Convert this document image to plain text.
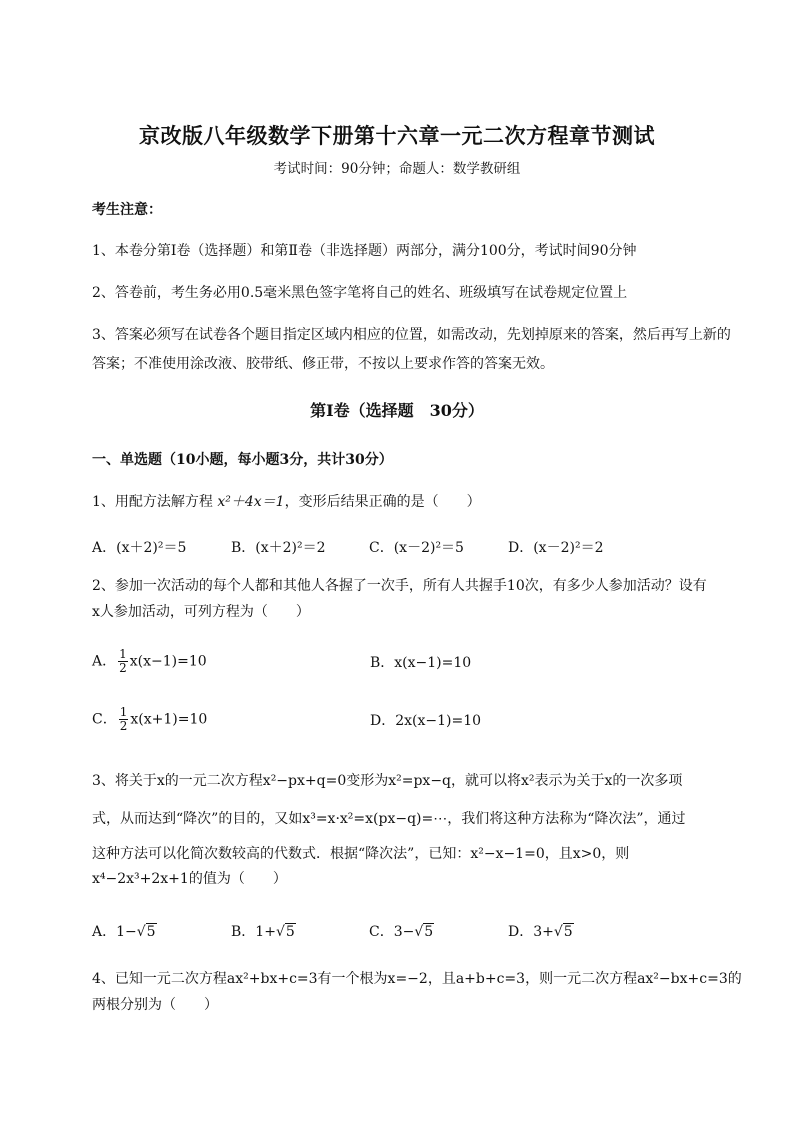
京改版八年级数学下册第十六章一元二次方程章节测试
考试时间：90分钟；命题人：数学教研组
考生注意：
1、本卷分第I卷（选择题）和第Ⅱ卷（非选择题）两部分，满分100分，考试时间90分钟
2、答卷前，考生务必用0.5毫米黑色签字笔将自己的姓名、班级填写在试卷规定位置上
3、答案必须写在试卷各个题目指定区域内相应的位置，如需改动，先划掉原来的答案，然后再写上新的答案；不准使用涂改液、胶带纸、修正带，不按以上要求作答的答案无效。
第I卷（选择题　30分）
一、单选题（10小题，每小题3分，共计30分）
1、用配方法解方程 x²＋4x＝1，变形后结果正确的是（　　）
A．(x＋2)²＝5	B．(x＋2)²＝2	C．(x－2)²＝5	D．(x－2)²＝2
2、参加一次活动的每个人都和其他人各握了一次手，所有人共握手10次，有多少人参加活动？设有
x人参加活动，可列方程为（　　）
A． $\frac{1}{2} x(x-1)=10$	B．x(x−1)=10
C． $\frac{1}{2} x(x+1)=10$	D．2x(x−1)=10
3、将关于x的一元二次方程x²−px+q=0变形为x²=px−q，就可以将x²表示为关于x的一次多项
式，从而达到“降次”的目的，又如x³=x·x²=x(px−q)=⋯，我们将这种方法称为“降次法”，通过
这种方法可以化简次数较高的代数式．根据“降次法”，已知：x²−x−1=0，且x>0，则
x⁴−2x³+2x+1的值为（　　）
A．1−√5	B．1+√5	C．3−√5	D．3+√5
4、已知一元二次方程ax²+bx+c=3有一个根为x=−2，且a+b+c=3，则一元二次方程ax²−bx+c=3的
两根分别为（　　）
